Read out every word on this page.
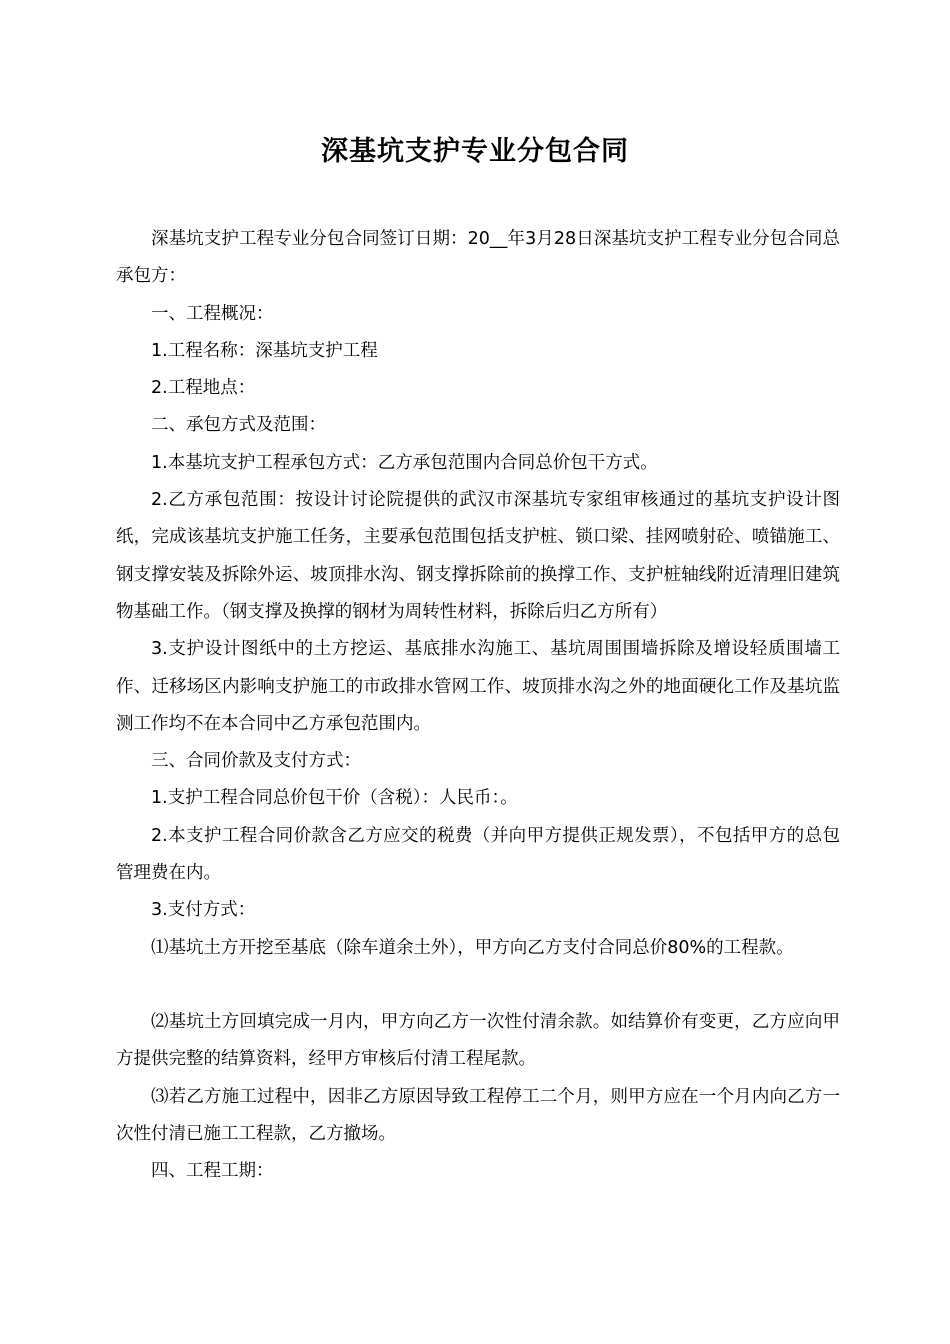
深基坑支护专业分包合同

深基坑支护工程专业分包合同签订日期：20__年3月28日深基坑支护工程专业分包合同总承包方：

一、工程概况：

1.工程名称：深基坑支护工程

2.工程地点：

二、承包方式及范围：

1.本基坑支护工程承包方式：乙方承包范围内合同总价包干方式。

2.乙方承包范围：按设计讨论院提供的武汉市深基坑专家组审核通过的基坑支护设计图纸，完成该基坑支护施工任务，主要承包范围包括支护桩、锁口梁、挂网喷射砼、喷锚施工、钢支撑安装及拆除外运、坡顶排水沟、钢支撑拆除前的换撑工作、支护桩轴线附近清理旧建筑物基础工作。（钢支撑及换撑的钢材为周转性材料，拆除后归乙方所有）

3.支护设计图纸中的土方挖运、基底排水沟施工、基坑周围围墙拆除及增设轻质围墙工作、迁移场区内影响支护施工的市政排水管网工作、坡顶排水沟之外的地面硬化工作及基坑监测工作均不在本合同中乙方承包范围内。

三、合同价款及支付方式：

1.支护工程合同总价包干价（含税）：人民币：。

2.本支护工程合同价款含乙方应交的税费（并向甲方提供正规发票），不包括甲方的总包管理费在内。

3.支付方式：

⑴基坑土方开挖至基底（除车道余土外），甲方向乙方支付合同总价80%的工程款。

⑵基坑土方回填完成一月内，甲方向乙方一次性付清余款。如结算价有变更，乙方应向甲方提供完整的结算资料，经甲方审核后付清工程尾款。

⑶若乙方施工过程中，因非乙方原因导致工程停工二个月，则甲方应在一个月内向乙方一次性付清已施工工程款，乙方撤场。

四、工程工期：
